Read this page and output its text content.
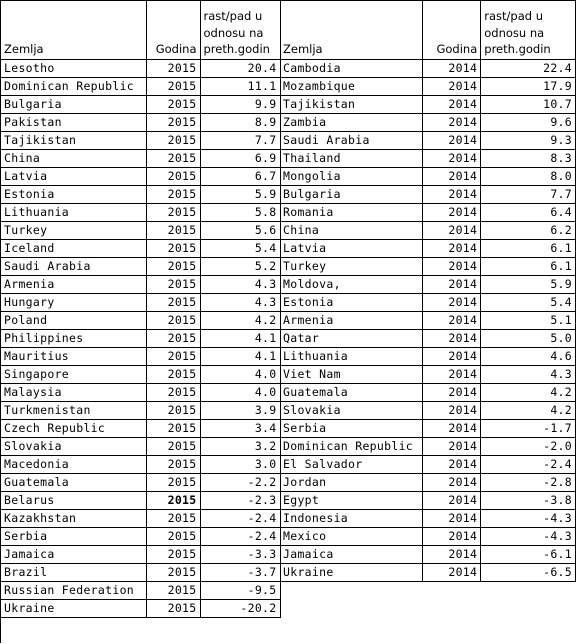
Zemlja	Godina	rast/pad u odnosu na preth.godin
Lesotho	2015	20.4
Dominican Republic	2015	11.1
Bulgaria	2015	9.9
Pakistan	2015	8.9
Tajikistan	2015	7.7
China	2015	6.9
Latvia	2015	6.7
Estonia	2015	5.9
Lithuania	2015	5.8
Turkey	2015	5.6
Iceland	2015	5.4
Saudi Arabia	2015	5.2
Armenia	2015	4.3
Hungary	2015	4.3
Poland	2015	4.2
Philippines	2015	4.1
Mauritius	2015	4.1
Singapore	2015	4.0
Malaysia	2015	4.0
Turkmenistan	2015	3.9
Czech Republic	2015	3.4
Slovakia	2015	3.2
Macedonia	2015	3.0
Guatemala	2015	-2.2
Belarus	2015	-2.3
Kazakhstan	2015	-2.4
Serbia	2015	-2.4
Jamaica	2015	-3.3
Brazil	2015	-3.7
Russian Federation	2015	-9.5
Ukraine	2015	-20.2
Zemlja	Godina	rast/pad u odnosu na preth.godin
Cambodia	2014	22.4
Mozambique	2014	17.9
Tajikistan	2014	10.7
Zambia	2014	9.6
Saudi Arabia	2014	9.3
Thailand	2014	8.3
Mongolia	2014	8.0
Bulgaria	2014	7.7
Romania	2014	6.4
China	2014	6.2
Latvia	2014	6.1
Turkey	2014	6.1
Moldova,	2014	5.9
Estonia	2014	5.4
Armenia	2014	5.1
Qatar	2014	5.0
Lithuania	2014	4.6
Viet Nam	2014	4.3
Guatemala	2014	4.2
Slovakia	2014	4.2
Serbia	2014	-1.7
Dominican Republic	2014	-2.0
El Salvador	2014	-2.4
Jordan	2014	-2.8
Egypt	2014	-3.8
Indonesia	2014	-4.3
Mexico	2014	-4.3
Jamaica	2014	-6.1
Ukraine	2014	-6.5
